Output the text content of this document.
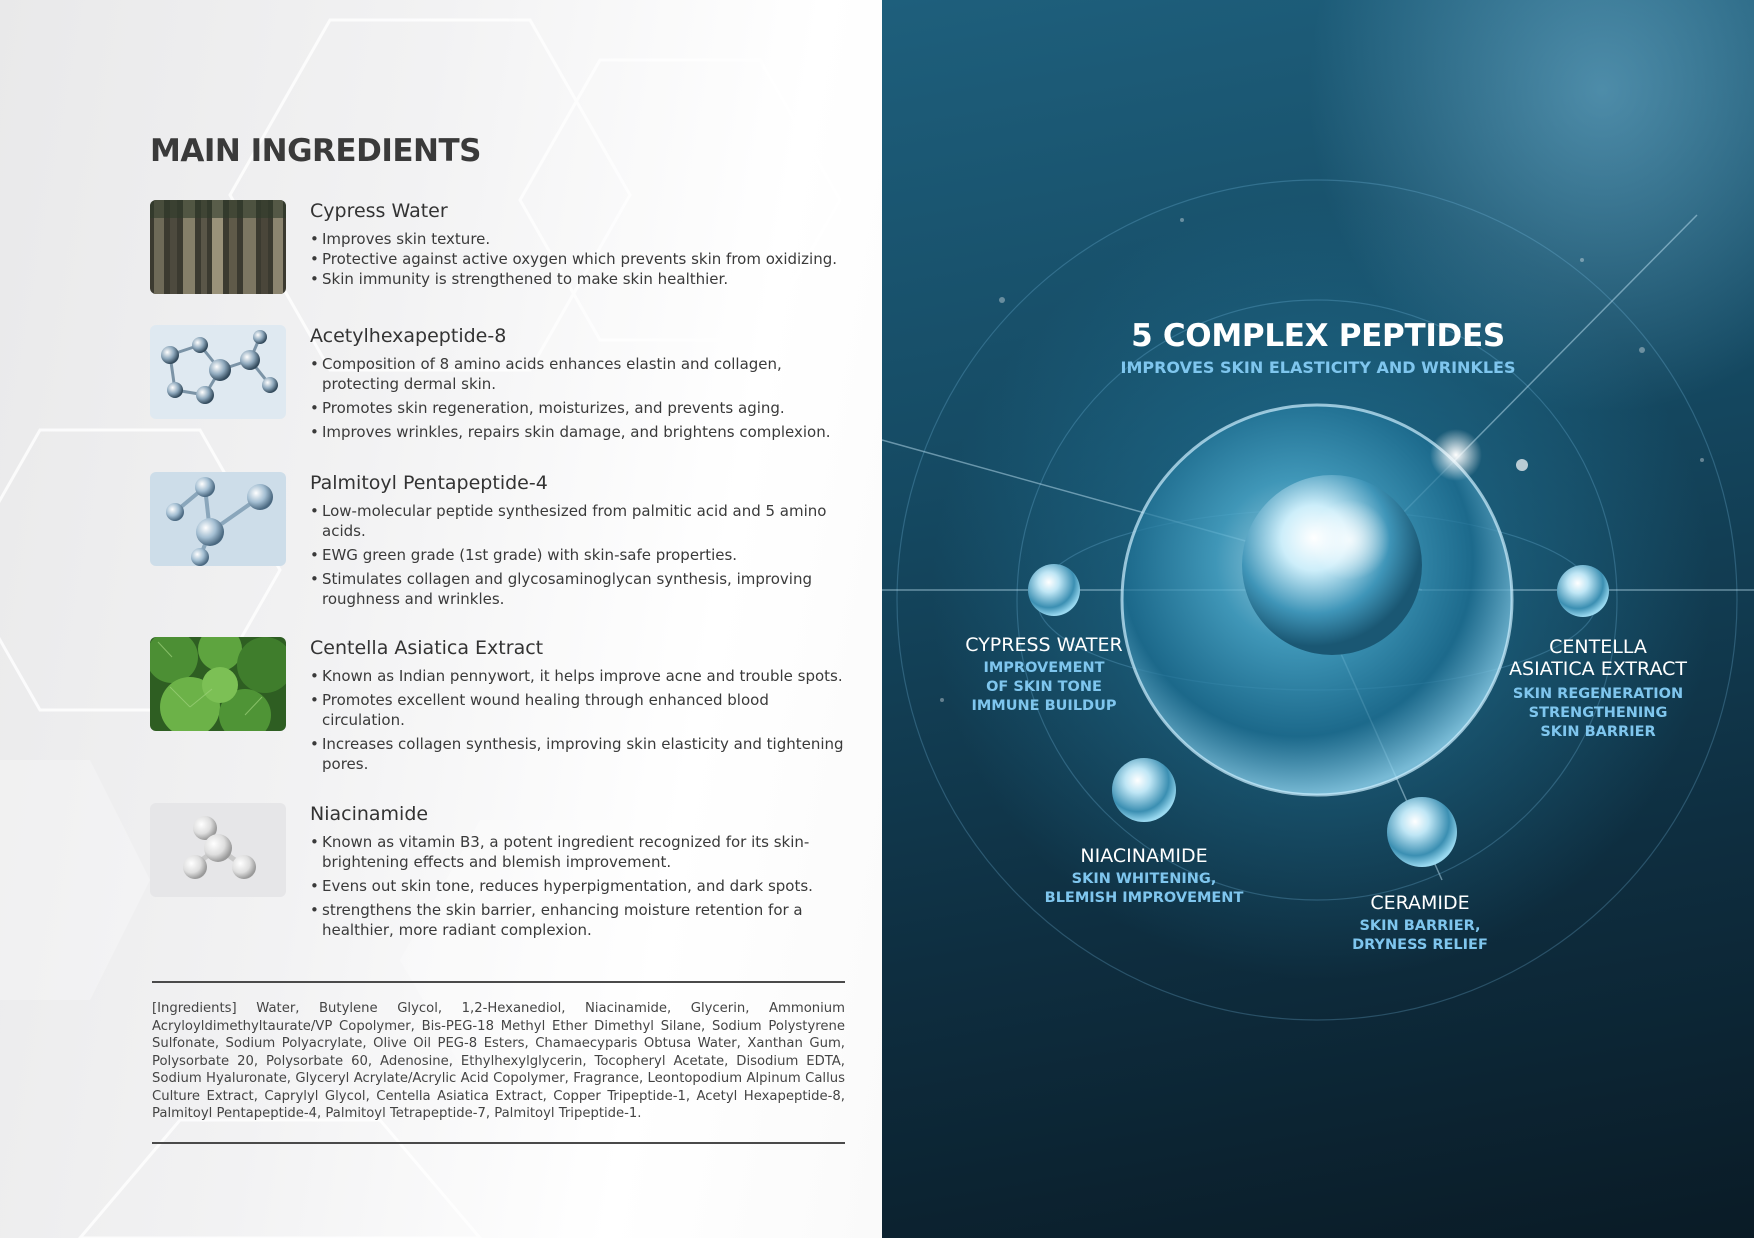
MAIN INGREDIENTS
Cypress Water
• Improves skin texture.
• Protective against active oxygen which prevents skin from oxidizing.
• Skin immunity is strengthened to make skin healthier.
Acetylhexapeptide-8
• Composition of 8 amino acids enhances elastin and collagen, protecting dermal skin.
• Promotes skin regeneration, moisturizes, and prevents aging.
• Improves wrinkles, repairs skin damage, and brightens complexion.
Palmitoyl Pentapeptide-4
• Low-molecular peptide synthesized from palmitic acid and 5 amino acids.
• EWG green grade (1st grade) with skin-safe properties.
• Stimulates collagen and glycosaminoglycan synthesis, improving roughness and wrinkles.
Centella Asiatica Extract
• Known as Indian pennywort, it helps improve acne and trouble spots.
• Promotes excellent wound healing through enhanced blood circulation.
• Increases collagen synthesis, improving skin elasticity and tightening pores.
Niacinamide
• Known as vitamin B3, a potent ingredient recognized for its skin-brightening effects and blemish improvement.
• Evens out skin tone, reduces hyperpigmentation, and dark spots.
• strengthens the skin barrier, enhancing moisture retention for a healthier, more radiant complexion.
[Ingredients] Water, Butylene Glycol, 1,2-Hexanediol, Niacinamide, Glycerin, Ammonium Acryloyldimethyltaurate/VP Copolymer, Bis-PEG-18 Methyl Ether Dimethyl Silane, Sodium Polystyrene Sulfonate, Sodium Polyacrylate, Olive Oil PEG-8 Esters, Chamaecyparis Obtusa Water, Xanthan Gum, Polysorbate 20, Polysorbate 60, Adenosine, Ethylhexylglycerin, Tocopheryl Acetate, Disodium EDTA, Sodium Hyaluronate, Glyceryl Acrylate/Acrylic Acid Copolymer, Fragrance, Leontopodium Alpinum Callus Culture Extract, Caprylyl Glycol, Centella Asiatica Extract, Copper Tripeptide-1, Acetyl Hexapeptide-8, Palmitoyl Pentapeptide-4, Palmitoyl Tetrapeptide-7, Palmitoyl Tripeptide-1.
5 COMPLEX PEPTIDES
IMPROVES SKIN ELASTICITY AND WRINKLES
CYPRESS WATER
IMPROVEMENT
OF SKIN TONE
IMMUNE BUILDUP
CENTELLA
ASIATICA EXTRACT
SKIN REGENERATION
STRENGTHENING
SKIN BARRIER
NIACINAMIDE
SKIN WHITENING,
BLEMISH IMPROVEMENT	CERAMIDE
SKIN BARRIER,
DRYNESS RELIEF
